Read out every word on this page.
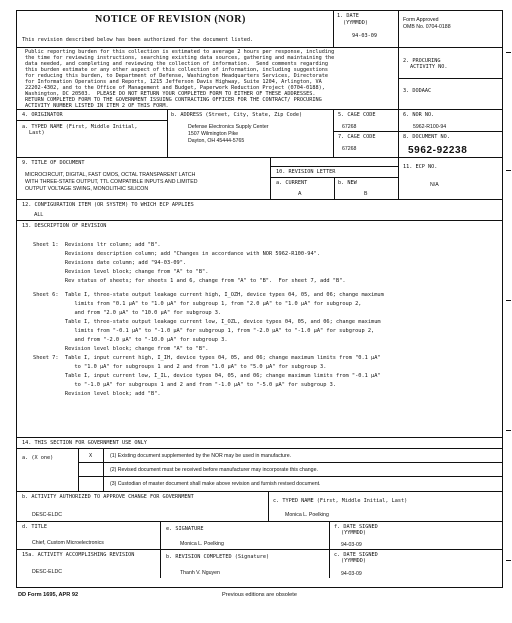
NOTICE OF REVISION (NOR)
This revision described below has been authorized for the document listed.
1. DATE
(YYMMDD)
94-03-09
Form Approved
OMB No. 0704-0188
Public reporting burden for this collection is estimated to average 2 hours per response, including
the time for reviewing instructions, searching existing data sources, gathering and maintaining the
data needed, and completing and reviewing the collection of information.  Send comments regarding
this burden estimate or any other aspect of this collection of information, including suggestions
for reducing this burden, to Department of Defense, Washington Headquarters Services, Directorate
for Information Operations and Reports, 1215 Jefferson Davis Highway, Suite 1204, Arlington, VA
22202-4302, and to the Office of Management and Budget, Paperwork Reduction Project (0704-0188),
Washington, DC 20503.  PLEASE DO NOT RETURN YOUR COMPLETED FORM TO EITHER OF THESE ADDRESSES.
RETURN COMPLETED FORM TO THE GOVERNMENT ISSUING CONTRACTING OFFICER FOR THE CONTRACT/ PROCURING
ACTIVITY NUMBER LISTED IN ITEM 2 OF THIS FORM.
2. PROCURING
ACTIVITY NO.
3. DODAAC
4. ORIGINATOR
a. TYPED NAME (First, Middle Initial,
Last)
b. ADDRESS (Street, City, State, Zip Code)
Defense Electronics Supply Center
1507 Wilmington Pike
Dayton, OH 45444-5765
5. CAGE CODE
67268
7. CAGE CODE
67268
6. NOR NO.
5962-R100-94
8. DOCUMENT NO.
5962-92238
9. TITLE OF DOCUMENT
MICROCIRCUIT, DIGITAL, FAST CMOS, OCTAL TRANSPARENT LATCH
WITH THREE-STATE OUTPUT, TTL COMPATIBLE INPUTS AND LIMITED
OUTPUT VOLTAGE SWING, MONOLITHIC SILICON
10. REVISION LETTER
a. CURRENT
A
b. NEW
B
11. ECP NO.
N/A
12. CONFIGURATION ITEM (OR SYSTEM) TO WHICH ECP APPLIES
ALL
13. DESCRIPTION OF REVISION
Sheet 1:  Revisions ltr column; add "B".
Revisions description column; add "Changes in accordance with NOR 5962-R100-94".
Revisions date column; add "94-03-09".
Revision level block; change from "A" to "B".
Rev status of sheets; for sheets 1 and 6, change from "A" to "B".  For sheet 7, add "B".
Sheet 6:  Table I, three-state output leakage current high, I_OZH, device types 04, 05, and 06; change maximum
limits from "0.1 μA" to "1.0 μA" for subgroup 1, from "2.0 μA" to "1.0 μA" for subgroup 2,
and from "2.0 μA" to "10.0 μA" for subgroup 3.
Table I, three-state output leakage current low, I_OZL, device types 04, 05, and 06; change maximum
limits from "-0.1 μA" to "-1.0 μA" for subgroup 1, from "-2.0 μA" to "-1.0 μA" for subgroup 2,
and from "-2.0 μA" to "-10.0 μA" for subgroup 3.
Revision level block; change from "A" to "B".
Sheet 7:  Table I, input current high, I_IH, device types 04, 05, and 06; change maximum limits from "0.1 μA"
to "1.0 μA" for subgroups 1 and 2 and from "1.0 μA" to "5.0 μA" for subgroup 3.
Table I, input current low, I_IL, device types 04, 05, and 06; change maximum limits from "-0.1 μA"
to "-1.0 μA" for subgroups 1 and 2 and from "-1.0 μA" to "-5.0 μA" for subgroup 3.
Revision level block; add "B".
14. THIS SECTION FOR GOVERNMENT USE ONLY
a. (X one)	X	(1) Existing document supplemented by the NOR may be used in manufacture.
(2) Revised document must be received before manufacturer may incorporate this change.
(3) Custodian of master document shall make above revision and furnish revised document.
b. ACTIVITY AUTHORIZED TO APPROVE CHANGE FOR GOVERNMENT
DESC-ELDC
c. TYPED NAME (First, Middle Initial, Last)
Monica L. Poelking
d. TITLE
Chief, Custom Microelectronics
e. SIGNATURE
Monica L. Poelking
f. DATE SIGNED
(YYMMDD)
94-03-09
15a. ACTIVITY ACCOMPLISHING REVISION
DESC-ELDC
b. REVISION COMPLETED (Signature)
Thanh V. Nguyen
c. DATE SIGNED
(YYMMDD)
94-03-09
DD Form 1695, APR 92	Previous editions are obsolete
